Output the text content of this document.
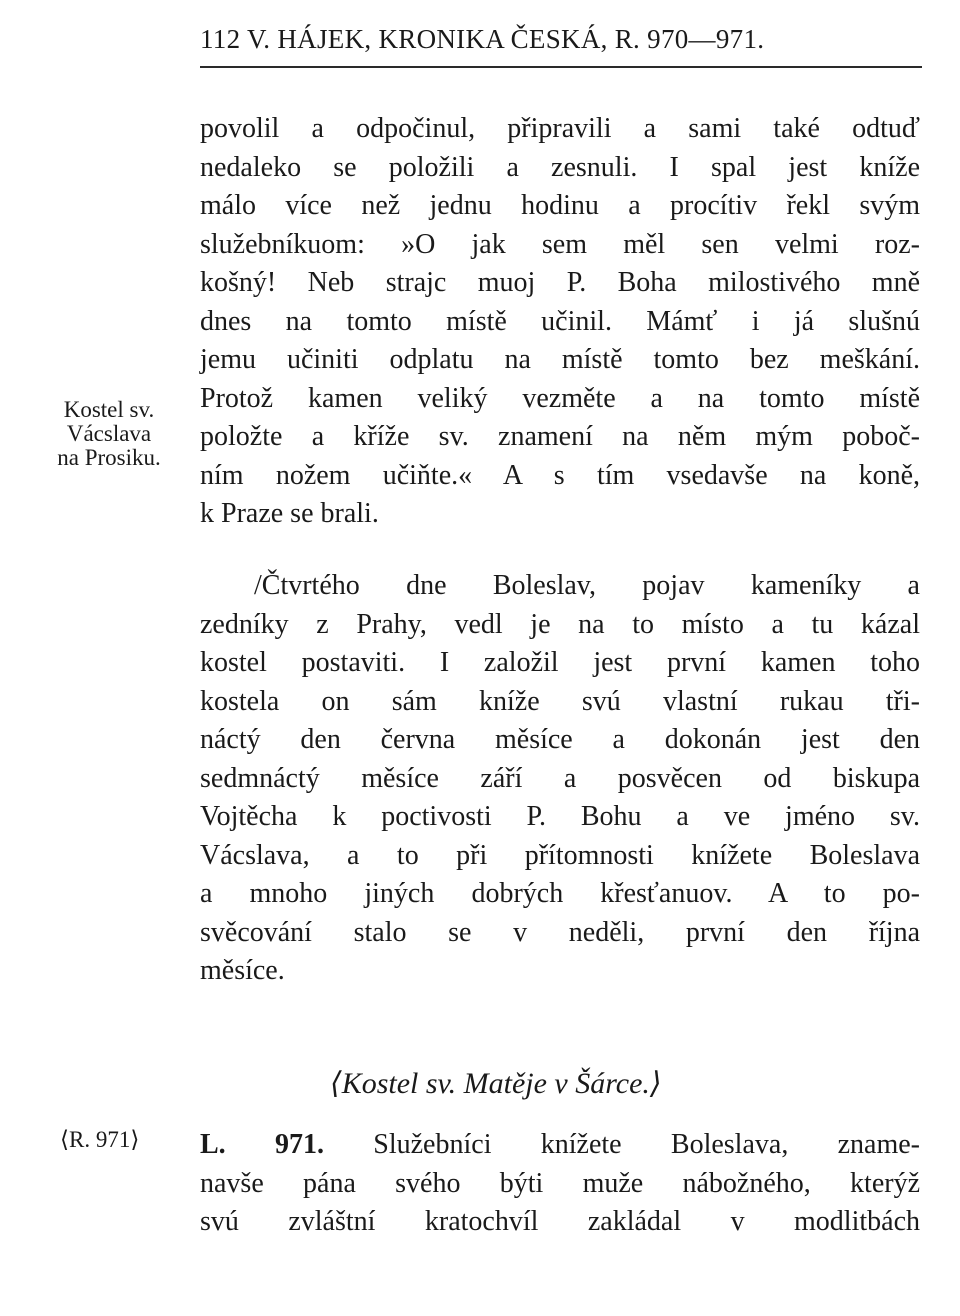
112 V. HÁJEK, KRONIKA ČESKÁ, R. 970—971.
Kostel sv.
Vácslava
na Prosiku.
povolil a odpočinul, připravili a sami také odtuď
nedaleko se položili a zesnuli. I spal jest kníže
málo více než jednu hodinu a procítiv řekl svým
služebníkuom: »O jak sem měl sen velmi roz-
košný! Neb strajc muoj P. Boha milostivého mně
dnes na tomto místě učinil. Mámť i já slušnú
jemu učiniti odplatu na místě tomto bez meškání.
Protož kamen veliký vezměte a na tomto místě
položte a kříže sv. znamení na něm mým poboč-
ním nožem učiňte.« A s tím vsedavše na koně,
k Praze se brali.
/Čtvrtého dne Boleslav, pojav kameníky a
zedníky z Prahy, vedl je na to místo a tu kázal
kostel postaviti. I založil jest první kamen toho
kostela on sám kníže svú vlastní rukau tři-
náctý den června měsíce a dokonán jest den
sedmnáctý měsíce září a posvěcen od biskupa
Vojtěcha k poctivosti P. Bohu a ve jméno sv.
Vácslava, a to při přítomnosti knížete Boleslava
a mnoho jiných dobrých křesťanuov. A to po-
svěcování stalo se v neděli, první den října
měsíce.
⟨Kostel sv. Matěje v Šárce.⟩
⟨R. 971⟩	L. 971. Služebníci knížete Boleslava, zname-
navše pána svého býti muže nábožného, kterýž
svú zvláštní kratochvíl zakládal v modlitbách
